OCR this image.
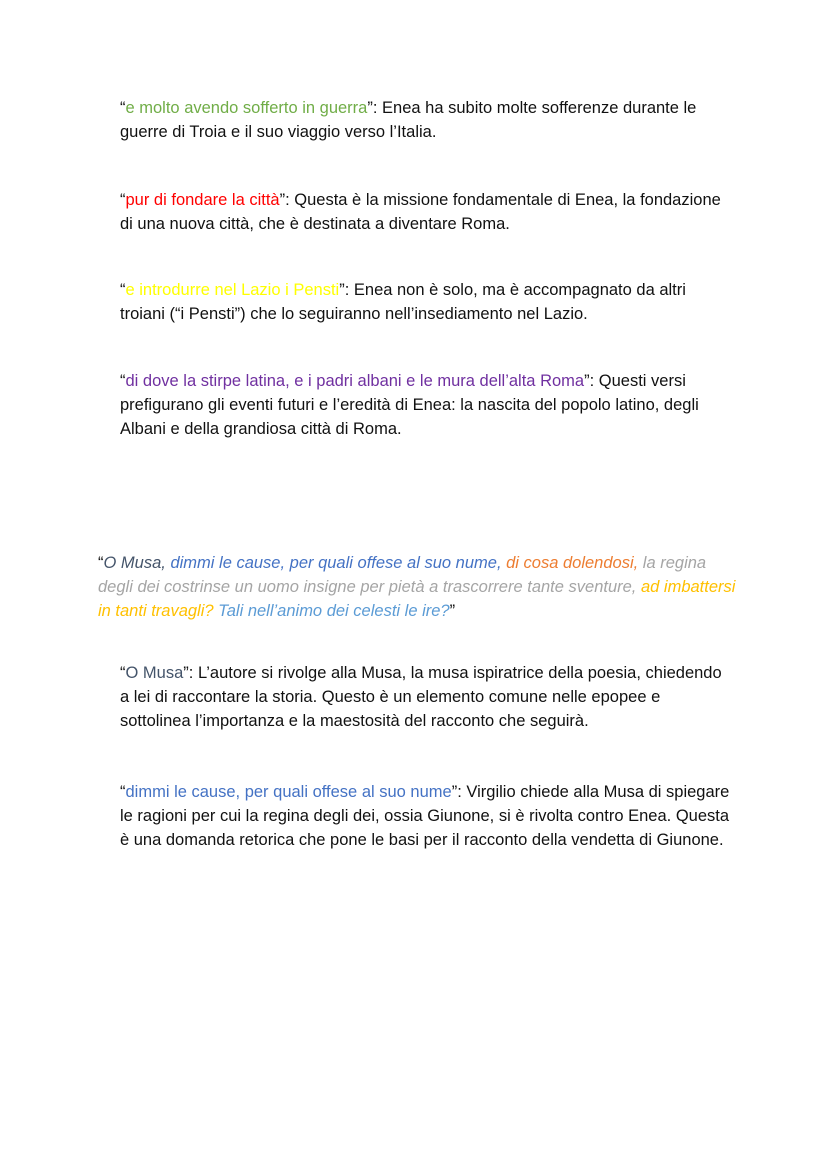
“e molto avendo sofferto in guerra”: Enea ha subito molte sofferenze durante le guerre di Troia e il suo viaggio verso l’Italia.
“pur di fondare la città”: Questa è la missione fondamentale di Enea, la fondazione di una nuova città, che è destinata a diventare Roma.
“e introdurre nel Lazio i Pensti”: Enea non è solo, ma è accompagnato da altri troiani (“i Pensti”) che lo seguiranno nell’insediamento nel Lazio.
“di dove la stirpe latina, e i padri albani e le mura dell’alta Roma”: Questi versi prefigurano gli eventi futuri e l’eredità di Enea: la nascita del popolo latino, degli Albani e della grandiosa città di Roma.
“O Musa, dimmi le cause, per quali offese al suo nume, di cosa dolendosi, la regina degli dei costrinse un uomo insigne per pietà a trascorrere tante sventure, ad imbattersi in tanti travagli? Tali nell’animo dei celesti le ire?”
“O Musa”: L’autore si rivolge alla Musa, la musa ispiratrice della poesia, chiedendo a lei di raccontare la storia. Questo è un elemento comune nelle epopee e sottolinea l’importanza e la maestosità del racconto che seguirà.
“dimmi le cause, per quali offese al suo nume”: Virgilio chiede alla Musa di spiegare le ragioni per cui la regina degli dei, ossia Giunone, si è rivolta contro Enea. Questa è una domanda retorica che pone le basi per il racconto della vendetta di Giunone.
